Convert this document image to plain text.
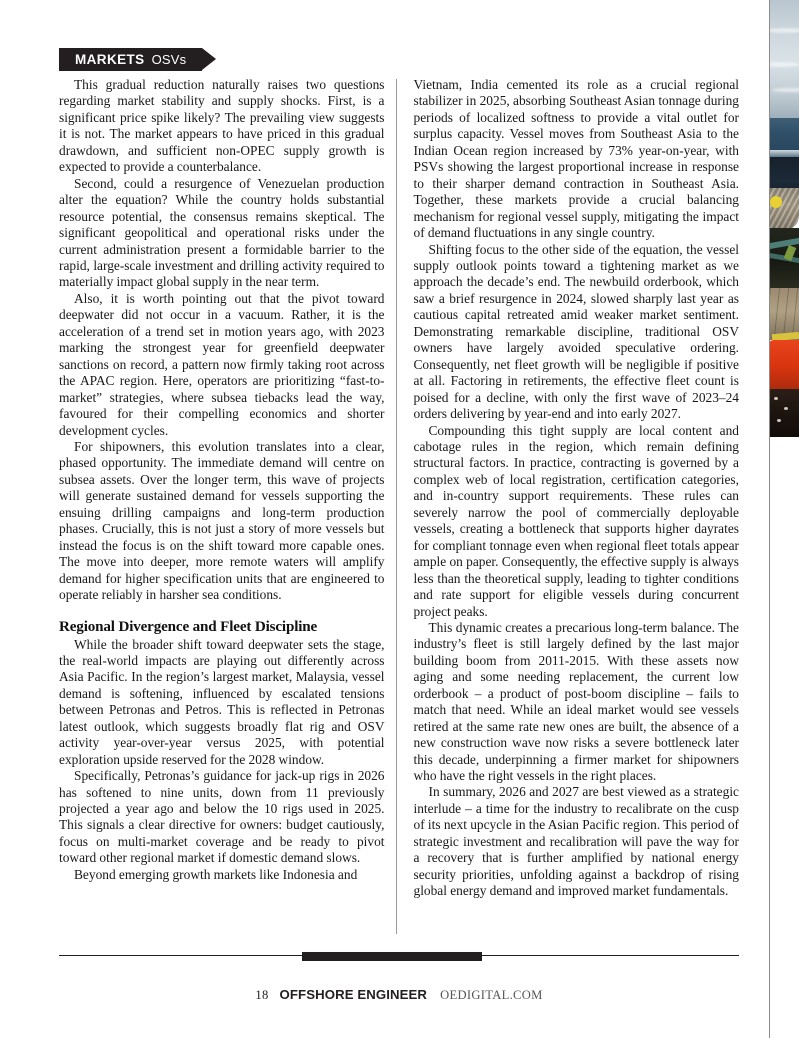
MARKETS OSVs

This gradual reduction naturally raises two questions regarding market stability and supply shocks. First, is a significant price spike likely? The prevailing view suggests it is not. The market appears to have priced in this gradual drawdown, and sufficient non-OPEC supply growth is expected to provide a counterbalance.

Second, could a resurgence of Venezuelan production alter the equation? While the country holds substantial resource potential, the consensus remains skeptical. The significant geopolitical and operational risks under the current administration present a formidable barrier to the rapid, large-scale investment and drilling activity required to materially impact global supply in the near term.

Also, it is worth pointing out that the pivot toward deepwater did not occur in a vacuum. Rather, it is the acceleration of a trend set in motion years ago, with 2023 marking the strongest year for greenfield deepwater sanctions on record, a pattern now firmly taking root across the APAC region. Here, operators are prioritizing “fast-to-market” strategies, where subsea tiebacks lead the way, favoured for their compelling economics and shorter development cycles.

For shipowners, this evolution translates into a clear, phased opportunity. The immediate demand will centre on subsea assets. Over the longer term, this wave of projects will generate sustained demand for vessels supporting the ensuing drilling campaigns and long-term production phases. Crucially, this is not just a story of more vessels but instead the focus is on the shift toward more capable ones. The move into deeper, more remote waters will amplify demand for higher specification units that are engineered to operate reliably in harsher sea conditions.

Regional Divergence and Fleet Discipline

While the broader shift toward deepwater sets the stage, the real-world impacts are playing out differently across Asia Pacific. In the region’s largest market, Malaysia, vessel demand is softening, influenced by escalated tensions between Petronas and Petros. This is reflected in Petronas latest outlook, which suggests broadly flat rig and OSV activity year-over-year versus 2025, with potential exploration upside reserved for the 2028 window.

Specifically, Petronas’s guidance for jack-up rigs in 2026 has softened to nine units, down from 11 previously projected a year ago and below the 10 rigs used in 2025. This signals a clear directive for owners: budget cautiously, focus on multi-market coverage and be ready to pivot toward other regional market if domestic demand slows.

Beyond emerging growth markets like Indonesia and

Vietnam, India cemented its role as a crucial regional stabilizer in 2025, absorbing Southeast Asian tonnage during periods of localized softness to provide a vital outlet for surplus capacity. Vessel moves from Southeast Asia to the Indian Ocean region increased by 73% year-on-year, with PSVs showing the largest proportional increase in response to their sharper demand contraction in Southeast Asia. Together, these markets provide a crucial balancing mechanism for regional vessel supply, mitigating the impact of demand fluctuations in any single country.

Shifting focus to the other side of the equation, the vessel supply outlook points toward a tightening market as we approach the decade’s end. The newbuild orderbook, which saw a brief resurgence in 2024, slowed sharply last year as cautious capital retreated amid weaker market sentiment. Demonstrating remarkable discipline, traditional OSV owners have largely avoided speculative ordering. Consequently, net fleet growth will be negligible if positive at all. Factoring in retirements, the effective fleet count is poised for a decline, with only the first wave of 2023–24 orders delivering by year-end and into early 2027.

Compounding this tight supply are local content and cabotage rules in the region, which remain defining structural factors. In practice, contracting is governed by a complex web of local registration, certification categories, and in-country support requirements. These rules can severely narrow the pool of commercially deployable vessels, creating a bottleneck that supports higher dayrates for compliant tonnage even when regional fleet totals appear ample on paper. Consequently, the effective supply is always less than the theoretical supply, leading to tighter conditions and rate support for eligible vessels during concurrent project peaks.

This dynamic creates a precarious long-term balance. The industry’s fleet is still largely defined by the last major building boom from 2011-2015. With these assets now aging and some needing replacement, the current low orderbook – a product of post-boom discipline – fails to match that need. While an ideal market would see vessels retired at the same rate new ones are built, the absence of a new construction wave now risks a severe bottleneck later this decade, underpinning a firmer market for shipowners who have the right vessels in the right places.

In summary, 2026 and 2027 are best viewed as a strategic interlude – a time for the industry to recalibrate on the cusp of its next upcycle in the Asian Pacific region. This period of strategic investment and recalibration will pave the way for a recovery that is further amplified by national energy security priorities, unfolding against a backdrop of rising global energy demand and improved market fundamentals.

18 OFFSHORE ENGINEER OEDIGITAL.COM
